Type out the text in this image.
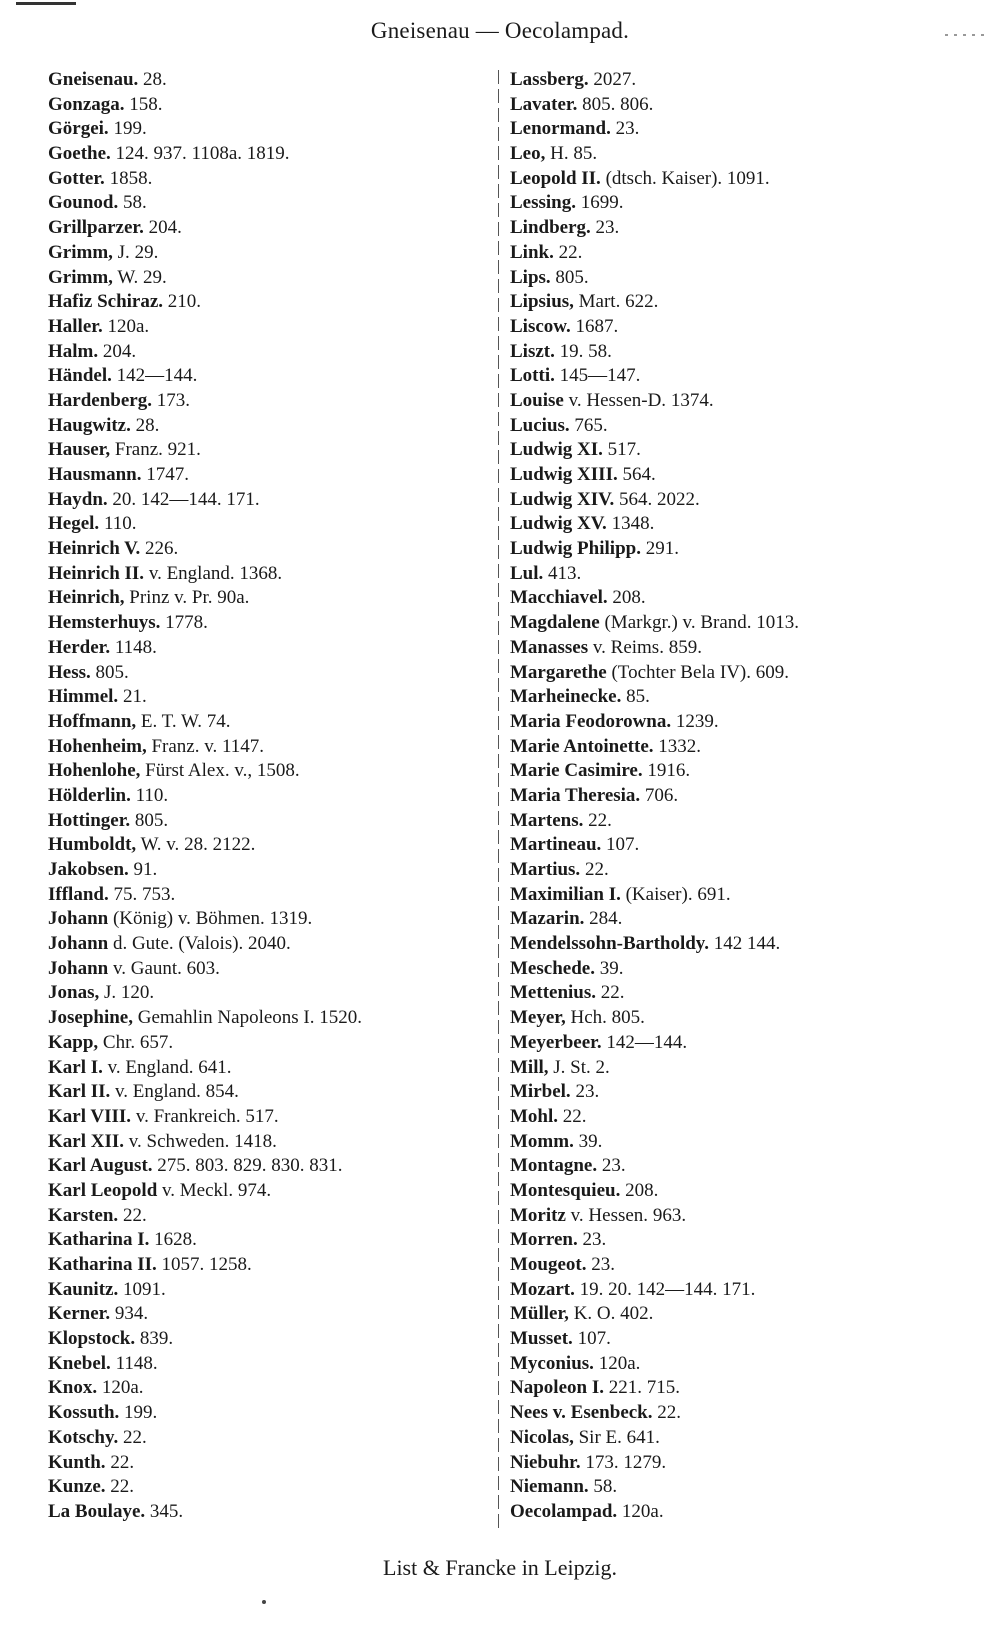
Gneisenau — Oecolampad.
Gneisenau. 28.
Gonzaga. 158.
Görgei. 199.
Goethe. 124. 937. 1108a. 1819.
Gotter. 1858.
Gounod. 58.
Grillparzer. 204.
Grimm, J. 29.
Grimm, W. 29.
Hafiz Schiraz. 210.
Haller. 120a.
Halm. 204.
Händel. 142—144.
Hardenberg. 173.
Haugwitz. 28.
Hauser, Franz. 921.
Hausmann. 1747.
Haydn. 20. 142—144. 171.
Hegel. 110.
Heinrich V. 226.
Heinrich II. v. England. 1368.
Heinrich, Prinz v. Pr. 90a.
Hemsterhuys. 1778.
Herder. 1148.
Hess. 805.
Himmel. 21.
Hoffmann, E. T. W. 74.
Hohenheim, Franz. v. 1147.
Hohenlohe, Fürst Alex. v., 1508.
Hölderlin. 110.
Hottinger. 805.
Humboldt, W. v. 28. 2122.
Jakobsen. 91.
Iffland. 75. 753.
Johann (König) v. Böhmen. 1319.
Johann d. Gute. (Valois). 2040.
Johann v. Gaunt. 603.
Jonas, J. 120.
Josephine, Gemahlin Napoleons I. 1520.
Kapp, Chr. 657.
Karl I. v. England. 641.
Karl II. v. England. 854.
Karl VIII. v. Frankreich. 517.
Karl XII. v. Schweden. 1418.
Karl August. 275. 803. 829. 830. 831.
Karl Leopold v. Meckl. 974.
Karsten. 22.
Katharina I. 1628.
Katharina II. 1057. 1258.
Kaunitz. 1091.
Kerner. 934.
Klopstock. 839.
Knebel. 1148.
Knox. 120a.
Kossuth. 199.
Kotschy. 22.
Kunth. 22.
Kunze. 22.
La Boulaye. 345.
Lassberg. 2027.
Lavater. 805. 806.
Lenormand. 23.
Leo, H. 85.
Leopold II. (dtsch. Kaiser). 1091.
Lessing. 1699.
Lindberg. 23.
Link. 22.
Lips. 805.
Lipsius, Mart. 622.
Liscow. 1687.
Liszt. 19. 58.
Lotti. 145—147.
Louise v. Hessen-D. 1374.
Lucius. 765.
Ludwig XI. 517.
Ludwig XIII. 564.
Ludwig XIV. 564. 2022.
Ludwig XV. 1348.
Ludwig Philipp. 291.
Lul. 413.
Macchiavel. 208.
Magdalene (Markgr.) v. Brand. 1013.
Manasses v. Reims. 859.
Margarethe (Tochter Bela IV). 609.
Marheinecke. 85.
Maria Feodorowna. 1239.
Marie Antoinette. 1332.
Marie Casimire. 1916.
Maria Theresia. 706.
Martens. 22.
Martineau. 107.
Martius. 22.
Maximilian I. (Kaiser). 691.
Mazarin. 284.
Mendelssohn-Bartholdy. 142 144.
Meschede. 39.
Mettenius. 22.
Meyer, Hch. 805.
Meyerbeer. 142—144.
Mill, J. St. 2.
Mirbel. 23.
Mohl. 22.
Momm. 39.
Montagne. 23.
Montesquieu. 208.
Moritz v. Hessen. 963.
Morren. 23.
Mougeot. 23.
Mozart. 19. 20. 142—144. 171.
Müller, K. O. 402.
Musset. 107.
Myconius. 120a.
Napoleon I. 221. 715.
Nees v. Esenbeck. 22.
Nicolas, Sir E. 641.
Niebuhr. 173. 1279.
Niemann. 58.
Oecolampad. 120a.
List & Francke in Leipzig.
